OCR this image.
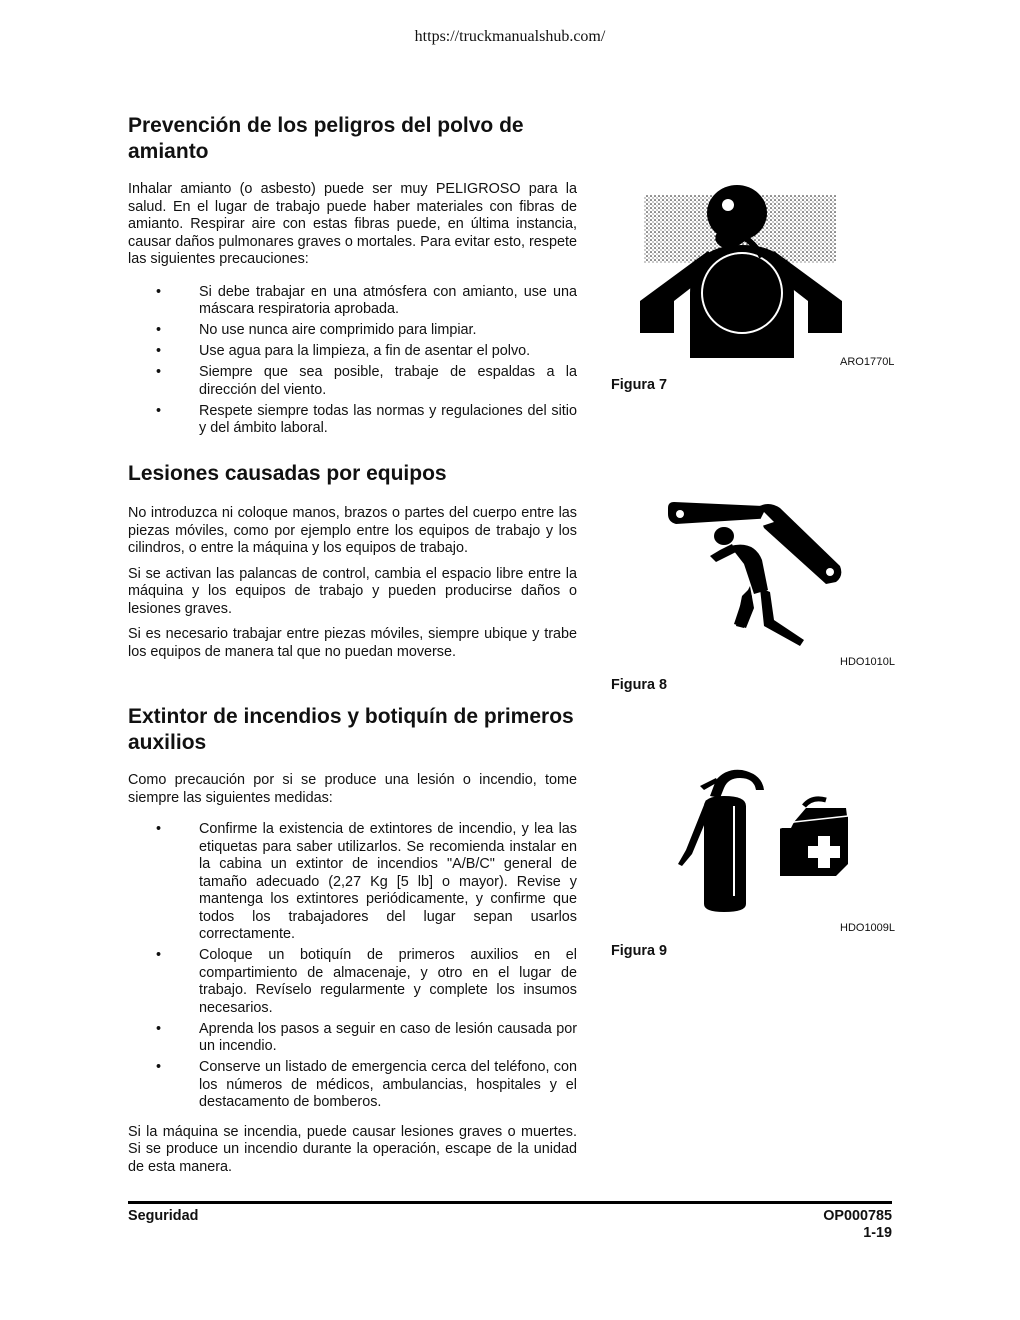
https://truckmanualshub.com/
Prevención de los peligros del polvo de amianto

Inhalar amianto (o asbesto) puede ser muy PELIGROSO para la salud. En el lugar de trabajo puede haber materiales con fibras de amianto. Respirar aire con estas fibras puede, en última instancia, causar daños pulmonares graves o mortales. Para evitar esto, respete las siguientes precauciones:

•	Si debe trabajar en una atmósfera con amianto, use una máscara respiratoria aprobada.
•	No use nunca aire comprimido para limpiar.
•	Use agua para la limpieza, a fin de asentar el polvo.
•	Siempre que sea posible, trabaje de espaldas a la dirección del viento.
•	Respete siempre todas las normas y regulaciones del sitio y del ámbito laboral.
Lesiones causadas por equipos

No introduzca ni coloque manos, brazos o partes del cuerpo entre las piezas móviles, como por ejemplo entre los equipos de trabajo y los cilindros, o entre la máquina y los equipos de trabajo.

Si se activan las palancas de control, cambia el espacio libre entre la máquina y los equipos de trabajo y pueden producirse daños o lesiones graves.

Si es necesario trabajar entre piezas móviles, siempre ubique y trabe los equipos de manera tal que no puedan moverse.

Extintor de incendios y botiquín de primeros auxilios

Como precaución por si se produce una lesión o incendio, tome siempre las siguientes medidas:

•	Confirme la existencia de extintores de incendio, y lea las etiquetas para saber utilizarlos. Se recomienda instalar en la cabina un extintor de incendios "A/B/C" general de tamaño adecuado (2,27 Kg [5 lb] o mayor). Revise y mantenga los extintores periódicamente, y confirme que todos los trabajadores del lugar sepan usarlos correctamente.
•	Coloque un botiquín de primeros auxilios en el compartimiento de almacenaje, y otro en el lugar de trabajo. Revíselo regularmente y complete los insumos necesarios.
•	Aprenda los pasos a seguir en caso de lesión causada por un incendio.
•	Conserve un listado de emergencia cerca del teléfono, con los números de médicos, ambulancias, hospitales y el destacamento de bomberos.

Si la máquina se incendia, puede causar lesiones graves o muertes. Si se produce un incendio durante la operación, escape de la unidad de esta manera.

ARO1770L
Figura 7
HDO1010L
Figura 8
HDO1009L
Figura 9
Seguridad	OP000785
1-19
